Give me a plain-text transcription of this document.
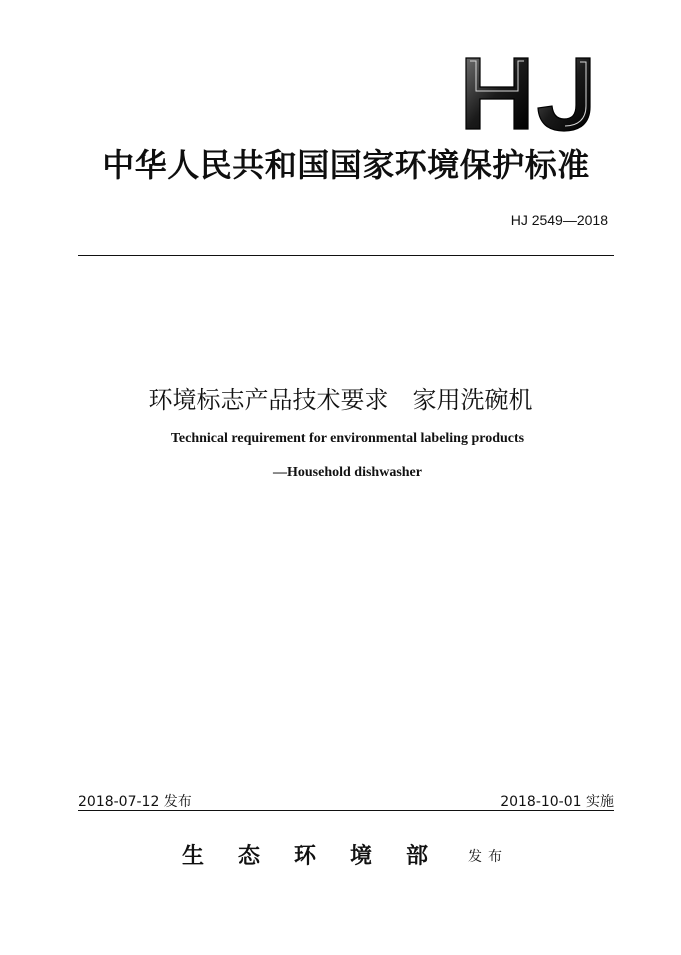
中华人民共和国国家环境保护标准
HJ 2549—2018
环境标志产品技术要求　家用洗碗机
Technical requirement for environmental labeling products
—Household dishwasher
2018-07-12 发布	2018-10-01 实施
生态环境部 发布
